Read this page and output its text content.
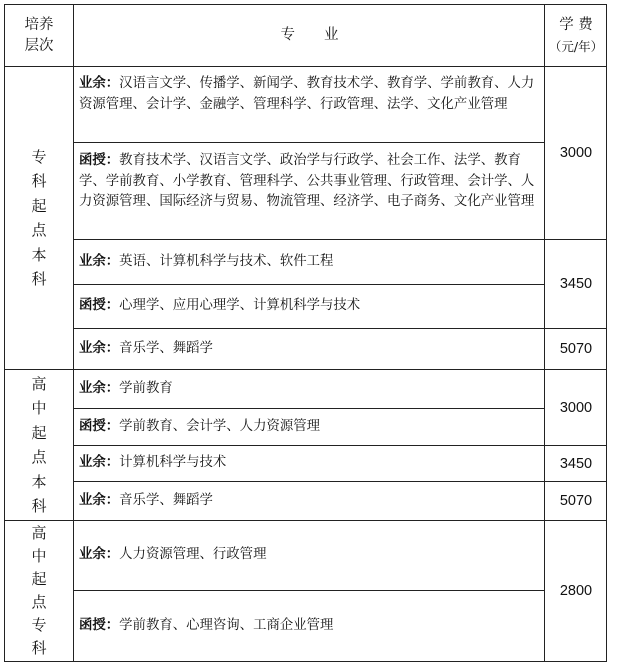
培养
层次
专　　业
学 费
（元/年）
专
科
起
点
本
科
业余：汉语言文学、传播学、新闻学、教育技术学、教育学、学前教育、人力资源管理、会计学、金融学、管理科学、行政管理、法学、文化产业管理
函授：教育技术学、汉语言文学、政治学与行政学、社会工作、法学、教育学、学前教育、小学教育、管理科学、公共事业管理、行政管理、会计学、人力资源管理、国际经济与贸易、物流管理、经济学、电子商务、文化产业管理
业余： 英语、计算机科学与技术、软件工程
函授： 心理学、应用心理学、计算机科学与技术
业余： 音乐学、舞蹈学
3000
3450
5070
高
中
起
点
本
科
业余： 学前教育
函授： 学前教育、会计学、人力资源管理
业余： 计算机科学与技术
业余： 音乐学、舞蹈学
3000
3450
5070
高
中
起
点
专
科
业余： 人力资源管理、行政管理
函授： 学前教育、心理咨询、工商企业管理
2800
